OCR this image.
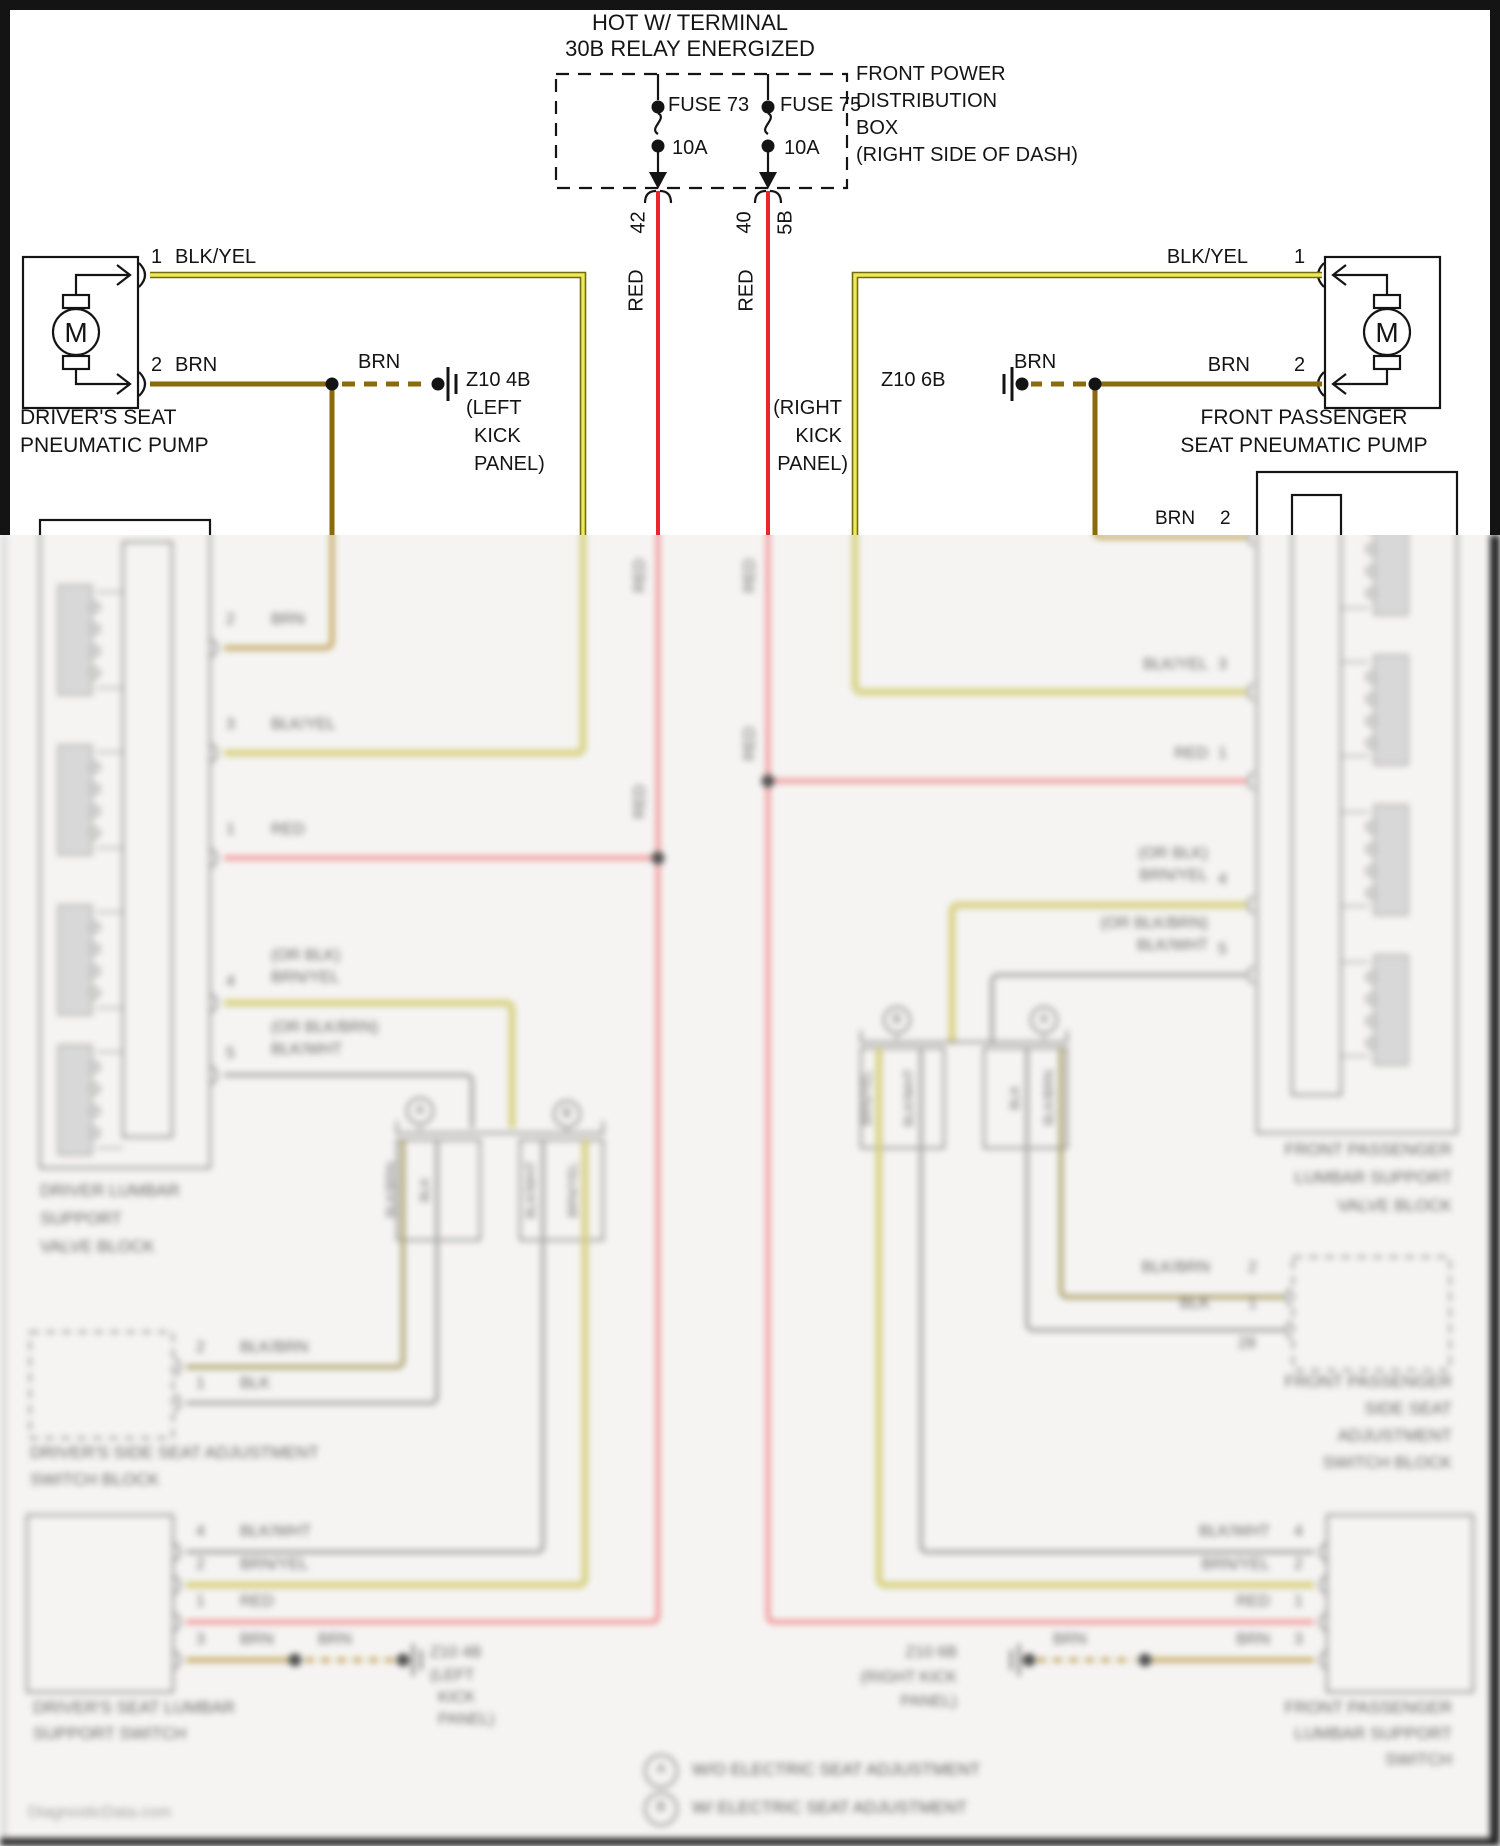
HOT W/ TERMINAL
30B RELAY ENERGIZED
FUSE 73 FUSE 75
10A	10A
FRONT POWER
DISTRIBUTION
BOX
(RIGHT SIDE OF DASH)
42	40 5B
RED	RED
1 BLK/YEL
2 BRN	BRN
Z10 4B
(LEFT
KICK
PANEL)
BLK/YEL 1
BRN 2
BRN
Z10 6B
(RIGHT
KICK
PANEL)
DRIVER'S SEAT
PNEUMATIC PUMP
FRONT PASSENGER
SEAT PNEUMATIC PUMP
BRN 2
M	M
2 BRN
3 BLK/YEL
1 RED
(OR BLK)
BRN/YEL
4
(OR BLK/BRN)
BLK/WHT
5
DRIVER LUMBAR
SUPPORT
VALVE BLOCK
BLK/BRN BLK	BLK/WHT BRN/YEL
A	B	BRN/YEL BLK/WHT	BLK BLK/BRN
B	A
2 BLK/BRN
1 BLK
DRIVER'S SIDE SEAT ADJUSTMENT
SWITCH BLOCK
4 BLK/WHT
2 BRN/YEL
1 RED
3 BRN	BRN
Z10 4B
(LEFT
KICK
PANEL)
DRIVER'S SEAT LUMBAR
SUPPORT SWITCH
RED	RED
RED
RED
BLK/YEL 3
RED 1
(OR BLK)
BRN/YEL 4
(OR BLK/BRN)
BLK/WHT 5
FRONT PASSENGER
LUMBAR SUPPORT
VALVE BLOCK
BLK/BRN 2
BLK 1
28
FRONT PASSENGER
SIDE SEAT
ADJUSTMENT
SWITCH BLOCK
BLK/WHT 4
BRN/YEL 2
RED 1
BRN 3
BRN
Z10 6B
(RIGHT KICK
PANEL)	FRONT PASSENGER
LUMBAR SUPPORT
SWITCH
A	W/O ELECTRIC SEAT ADJUSTMENT
B	W/ ELECTRIC SEAT ADJUSTMENT
DiagnosticData.com
